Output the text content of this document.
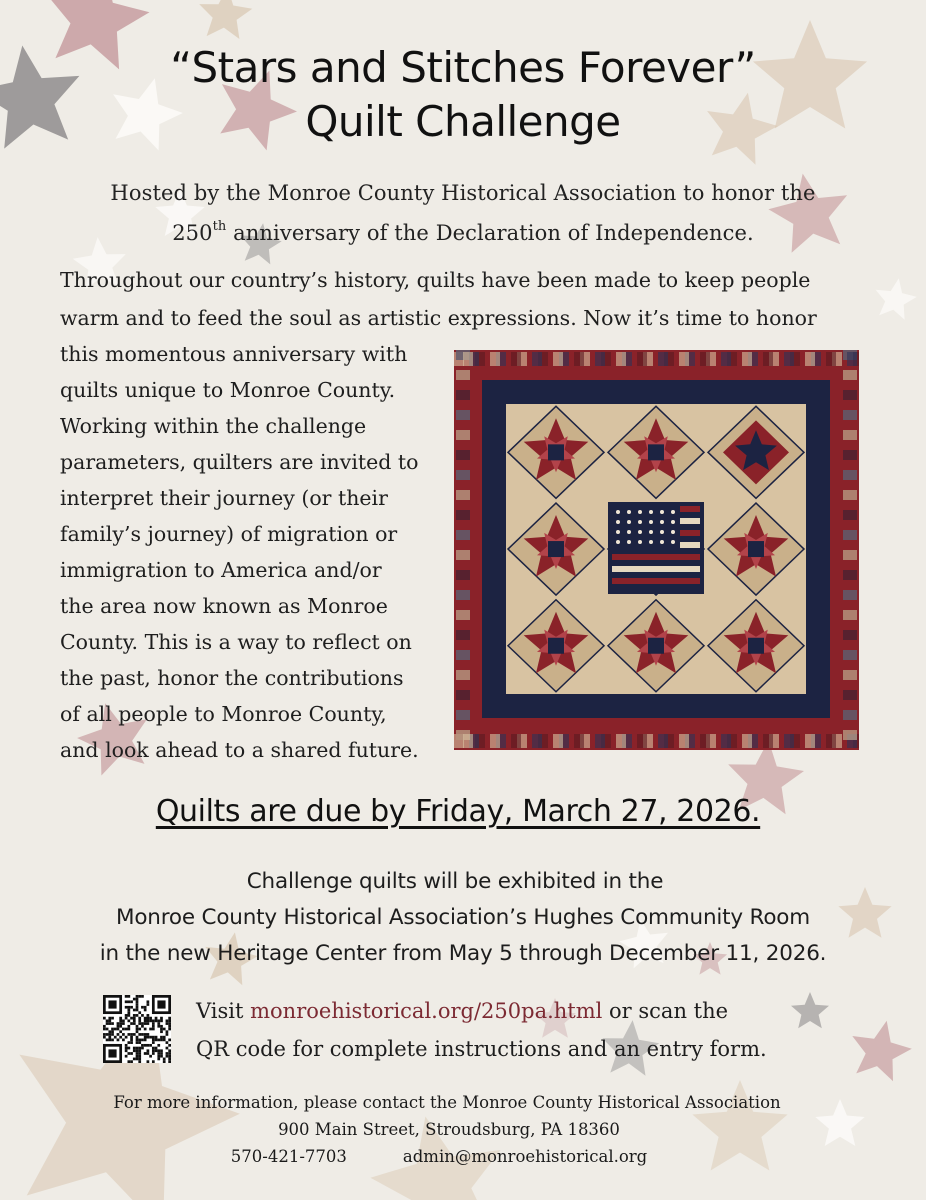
“Stars and Stitches Forever”
Quilt Challenge
Hosted by the Monroe County Historical Association to honor the
250th anniversary of the Declaration of Independence.
Throughout our country’s history, quilts have been made to keep people
warm and to feed the soul as artistic expressions. Now it’s time to honor
this momentous anniversary with
quilts unique to Monroe County.
Working within the challenge
parameters, quilters are invited to
interpret their journey (or their
family’s journey) of migration or
immigration to America and/or
the area now known as Monroe
County. This is a way to reflect on
the past, honor the contributions
of all people to Monroe County,
and look ahead to a shared future.
Quilts are due by Friday, March 27, 2026.
Challenge quilts will be exhibited in the
Monroe County Historical Association’s Hughes Community Room
in the new Heritage Center from May 5 through December 11, 2026.
Visit monroehistorical.org/250pa.html or scan the
QR code for complete instructions and an entry form.
For more information, please contact the Monroe County Historical Association
900 Main Street, Stroudsburg, PA 18360
570-421-7703	admin@monroehistorical.org
